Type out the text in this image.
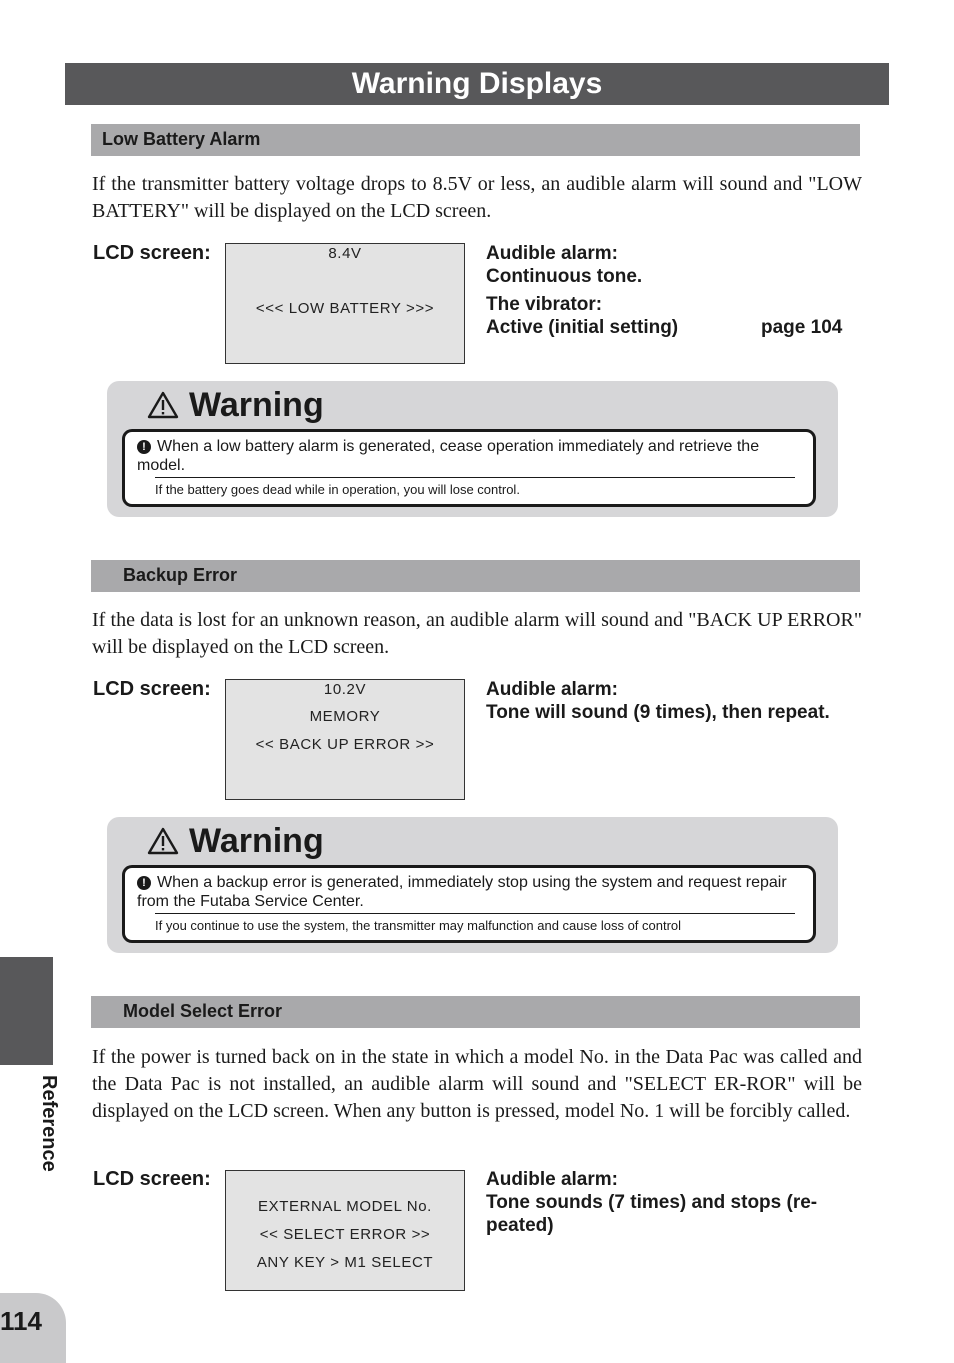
Warning Displays
Low Battery Alarm
If the transmitter battery voltage drops to 8.5V or less, an audible alarm will sound and "LOW BATTERY" will be displayed on the LCD screen.
LCD screen:	8.4V
<<< LOW BATTERY >>>
Audible alarm:
Continuous tone.
The vibrator:
Active (initial setting)	page 104
Warning
! When a low battery alarm is generated, cease operation immediately and retrieve the model.
If the battery goes dead while in operation, you will lose control.
Backup Error
If the data is lost for an unknown reason, an audible alarm will sound and "BACK UP ERROR" will be displayed on the LCD screen.
LCD screen:	10.2V
MEMORY
<< BACK UP ERROR >>
Audible alarm:
Tone will sound (9 times), then repeat.
Warning
! When a backup error is generated, immediately stop using the system and request repair from the Futaba Service Center.
If you continue to use the system, the transmitter may malfunction and cause loss of control
Model Select Error
If the power is turned back on in the state in which a model No. in the Data Pac was called and the Data Pac is not installed, an audible alarm will sound and "SELECT ER-ROR" will be displayed on the LCD screen. When any button is pressed, model No. 1 will be forcibly called.
LCD screen:
EXTERNAL MODEL No.
<< SELECT ERROR >>
ANY KEY > M1 SELECT
Audible alarm:
Tone sounds (7 times) and stops (re-peated)
Reference
114
